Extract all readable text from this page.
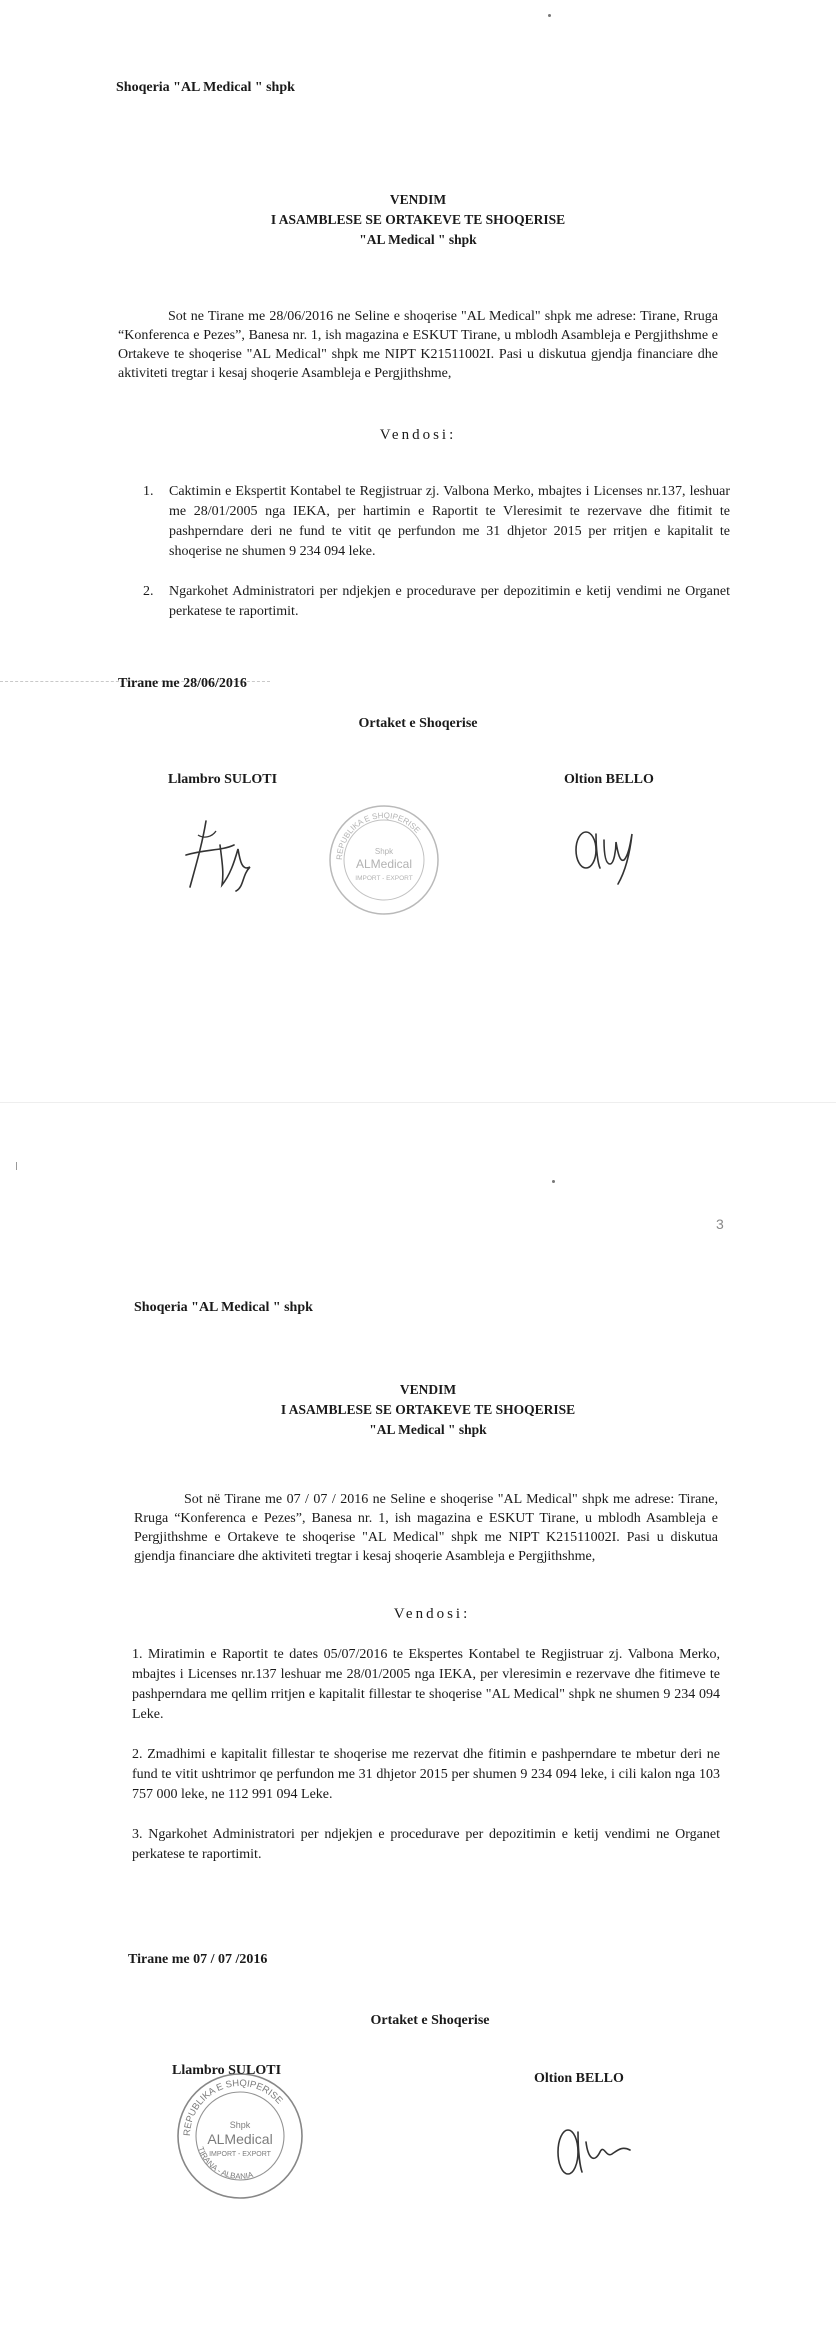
Shoqeria "AL Medical " shpk
VENDIM
I ASAMBLESE SE ORTAKEVE TE SHOQERISE
"AL Medical " shpk
Sot ne Tirane me 28/06/2016 ne Seline e shoqerise "AL Medical" shpk me adrese: Tirane, Rruga “Konferenca e Pezes”, Banesa nr. 1, ish magazina e ESKUT Tirane, u mblodh Asambleja e Pergjithshme e Ortakeve te shoqerise "AL Medical" shpk me NIPT K21511002I. Pasi u diskutua gjendja financiare dhe aktiviteti tregtar i kesaj shoqerie Asambleja e Pergjithshme,
Vendosi:
1. Caktimin e Ekspertit Kontabel te Regjistruar zj. Valbona Merko, mbajtes i Licenses nr.137, leshuar me 28/01/2005 nga IEKA, per hartimin e Raportit te Vleresimit te rezervave dhe fitimit te pashperndare deri ne fund te vitit qe perfundon me 31 dhjetor 2015 per rritjen e kapitalit te shoqerise ne shumen 9 234 094 leke.
2. Ngarkohet Administratori per ndjekjen e procedurave per depozitimin e ketij vendimi ne Organet perkatese te raportimit.
Tirane me 28/06/2016
Ortaket e Shoqerise
Llambro SULOTI	Oltion BELLO
REPUBLIKA E SHQIPERISE
Shpk
ALMedical
IMPORT - EXPORT
3
Shoqeria "AL Medical " shpk
VENDIM
I ASAMBLESE SE ORTAKEVE TE SHOQERISE
"AL Medical " shpk
Sot në Tirane me 07 / 07 / 2016 ne Seline e shoqerise "AL Medical" shpk me adrese: Tirane, Rruga “Konferenca e Pezes”, Banesa nr. 1, ish magazina e ESKUT Tirane, u mblodh Asambleja e Pergjithshme e Ortakeve te shoqerise "AL Medical" shpk me NIPT K21511002I. Pasi u diskutua gjendja financiare dhe aktiviteti tregtar i kesaj shoqerie Asambleja e Pergjithshme,
Vendosi:
1. Miratimin e Raportit te dates 05/07/2016 te Ekspertes Kontabel te Regjistruar zj. Valbona Merko, mbajtes i Licenses nr.137 leshuar me 28/01/2005 nga IEKA, per vleresimin e rezervave dhe fitimeve te pashperndara me qellim rritjen e kapitalit fillestar te shoqerise "AL Medical" shpk ne shumen 9 234 094 Leke.
2. Zmadhimi e kapitalit fillestar te shoqerise me rezervat dhe fitimin e pashperndare te mbetur deri ne fund te vitit ushtrimor qe perfundon me 31 dhjetor 2015 per shumen 9 234 094 leke, i cili kalon nga 103 757 000 leke, ne 112 991 094 Leke.
3. Ngarkohet Administratori per ndjekjen e procedurave per depozitimin e ketij vendimi ne Organet perkatese te raportimit.
Tirane me 07 / 07 /2016
Ortaket e Shoqerise
Llambro SULOTI
Oltion BELLO
REPUBLIKA E SHQIPERISE
TIRANA - ALBANIA
Shpk
ALMedical
IMPORT - EXPORT
